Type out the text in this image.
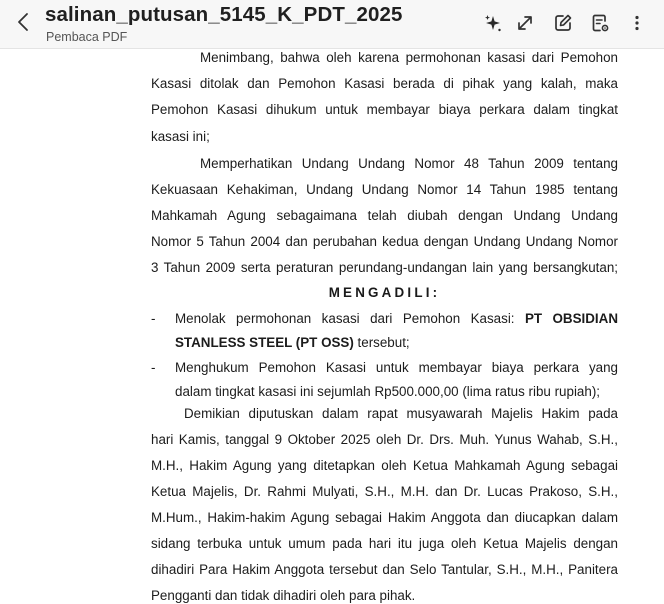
salinan_putusan_5145_K_PDT_2025
Pembaca PDF
Menimbang, bahwa oleh karena permohonan kasasi dari Pemohon
Kasasi ditolak dan Pemohon Kasasi berada di pihak yang kalah, maka
Pemohon Kasasi dihukum untuk membayar biaya perkara dalam tingkat
kasasi ini;
Memperhatikan Undang Undang Nomor 48 Tahun 2009 tentang
Kekuasaan Kehakiman, Undang Undang Nomor 14 Tahun 1985 tentang
Mahkamah Agung sebagaimana telah diubah dengan Undang Undang
Nomor 5 Tahun 2004 dan perubahan kedua dengan Undang Undang Nomor
3 Tahun 2009 serta peraturan perundang-undangan lain yang bersangkutan;
MENGADILI:
- Menolak permohonan kasasi dari Pemohon Kasasi: PT OBSIDIAN
STANLESS STEEL (PT OSS) tersebut;
- Menghukum Pemohon Kasasi untuk membayar biaya perkara yang
dalam tingkat kasasi ini sejumlah Rp500.000,00 (lima ratus ribu rupiah);
Demikian diputuskan dalam rapat musyawarah Majelis Hakim pada
hari Kamis, tanggal 9 Oktober 2025 oleh Dr. Drs. Muh. Yunus Wahab, S.H.,
M.H., Hakim Agung yang ditetapkan oleh Ketua Mahkamah Agung sebagai
Ketua Majelis, Dr. Rahmi Mulyati, S.H., M.H. dan Dr. Lucas Prakoso, S.H.,
M.Hum., Hakim-hakim Agung sebagai Hakim Anggota dan diucapkan dalam
sidang terbuka untuk umum pada hari itu juga oleh Ketua Majelis dengan
dihadiri Para Hakim Anggota tersebut dan Selo Tantular, S.H., M.H., Panitera
Pengganti dan tidak dihadiri oleh para pihak.
